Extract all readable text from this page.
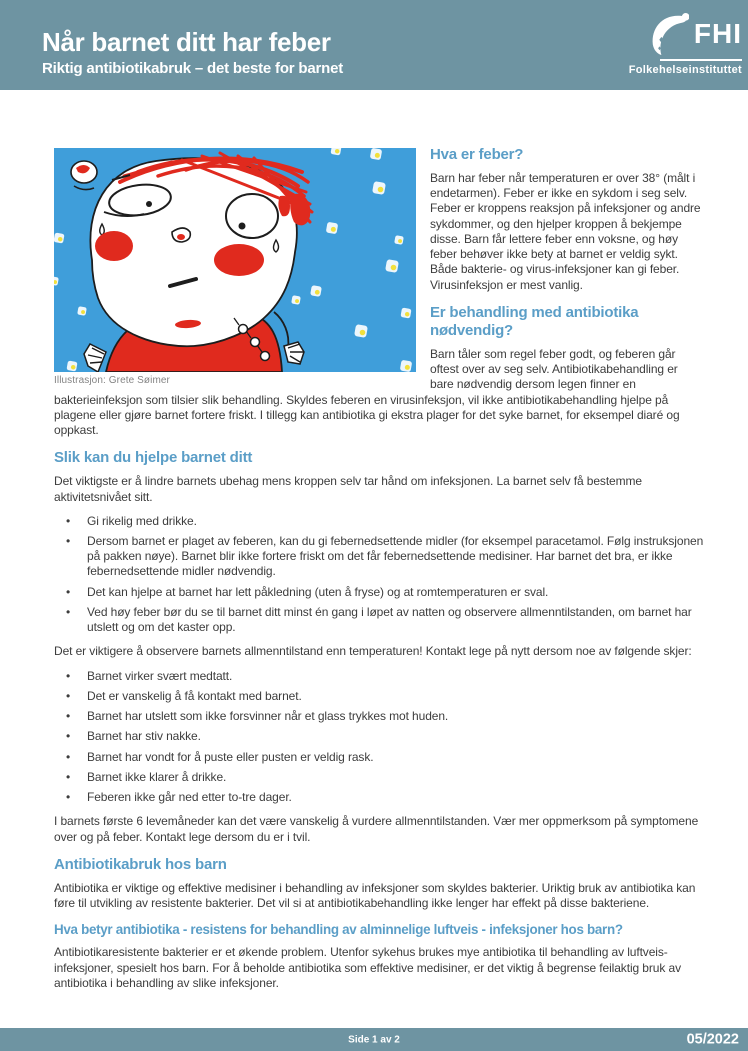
Når barnet ditt har feber
Riktig antibiotikabruk – det beste for barnet
FHI
Folkehelseinstituttet
Illustrasjon: Grete Søimer
Hva er feber?

Barn har feber når temperaturen er over 38° (målt i endetarmen). Feber er ikke en sykdom i seg selv. Feber er kroppens reaksjon på infeksjoner og andre sykdommer, og den hjelper kroppen å bekjempe disse. Barn får lettere feber enn voksne, og høy feber behøver ikke bety at barnet er veldig sykt. Både bakterie- og virus-infeksjoner kan gi feber. Virusinfeksjon er mest vanlig.

Er behandling med antibiotika nødvendig?

Barn tåler som regel feber godt, og feberen går oftest over av seg selv. Antibiotikabehandling er bare nødvendig dersom legen finner en bakterieinfeksjon som tilsier slik behandling. Skyldes feberen en virusinfeksjon, vil ikke antibiotikabehandling hjelpe på plagene eller gjøre barnet fortere friskt. I tillegg kan antibiotika gi ekstra plager for det syke barnet, for eksempel diaré og oppkast.

Slik kan du hjelpe barnet ditt

Det viktigste er å lindre barnets ubehag mens kroppen selv tar hånd om infeksjonen. La barnet selv få bestemme aktivitetsnivået sitt.

• Gi rikelig med drikke.
• Dersom barnet er plaget av feberen, kan du gi febernedsettende midler (for eksempel paracetamol. Følg instruksjonen på pakken nøye). Barnet blir ikke fortere friskt om det får febernedsettende medisiner. Har barnet det bra, er ikke febernedsettende midler nødvendig.
• Det kan hjelpe at barnet har lett påkledning (uten å fryse) og at romtemperaturen er sval.
• Ved høy feber bør du se til barnet ditt minst én gang i løpet av natten og observere allmenntilstanden, om barnet har utslett og om det kaster opp.

Det er viktigere å observere barnets allmenntilstand enn temperaturen! Kontakt lege på nytt dersom noe av følgende skjer:

• Barnet virker svært medtatt.
• Det er vanskelig å få kontakt med barnet.
• Barnet har utslett som ikke forsvinner når et glass trykkes mot huden.
• Barnet har stiv nakke.
• Barnet har vondt for å puste eller pusten er veldig rask.
• Barnet ikke klarer å drikke.
• Feberen ikke går ned etter to-tre dager.

I barnets første 6 levemåneder kan det være vanskelig å vurdere allmenntilstanden. Vær mer oppmerksom på symptomene over og på feber. Kontakt lege dersom du er i tvil.

Antibiotikabruk hos barn

Antibiotika er viktige og effektive medisiner i behandling av infeksjoner som skyldes bakterier. Uriktig bruk av antibiotika kan føre til utvikling av resistente bakterier. Det vil si at antibiotikabehandling ikke lenger har effekt på disse bakteriene.

Hva betyr antibiotika - resistens for behandling av alminnelige luftveis - infeksjoner hos barn?

Antibiotikaresistente bakterier er et økende problem. Utenfor sykehus brukes mye antibiotika til behandling av luftveis-infeksjoner, spesielt hos barn. For å beholde antibiotika som effektive medisiner, er det viktig å begrense feilaktig bruk av antibiotika i behandling av slike infeksjoner.

Side 1 av 2	05/2022
